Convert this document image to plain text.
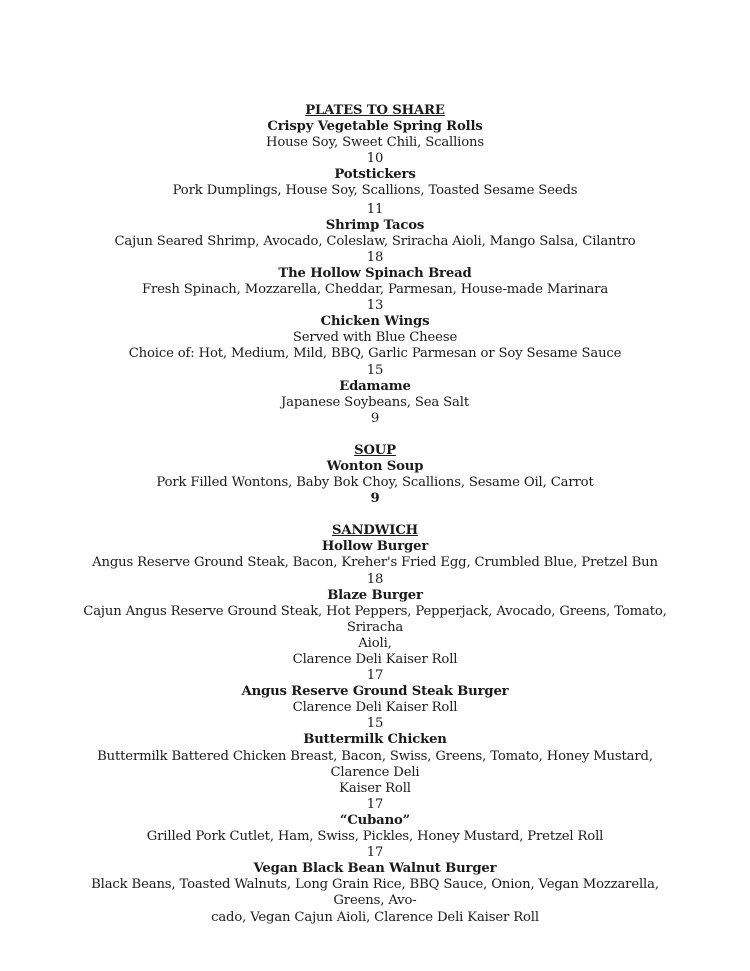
PLATES TO SHARE
Crispy Vegetable Spring Rolls
House Soy, Sweet Chili, Scallions
10
Potstickers
Pork Dumplings, House Soy, Scallions, Toasted Sesame Seeds
11
Shrimp Tacos
Cajun Seared Shrimp, Avocado, Coleslaw, Sriracha Aioli, Mango Salsa, Cilantro
18
The Hollow Spinach Bread
Fresh Spinach, Mozzarella, Cheddar, Parmesan, House-made Marinara
13
Chicken Wings
Served with Blue Cheese
Choice of: Hot, Medium, Mild, BBQ, Garlic Parmesan or Soy Sesame Sauce
15
Edamame
Japanese Soybeans, Sea Salt
9
SOUP
Wonton Soup
Pork Filled Wontons, Baby Bok Choy, Scallions, Sesame Oil, Carrot
9
SANDWICH
Hollow Burger
Angus Reserve Ground Steak, Bacon, Kreher's Fried Egg, Crumbled Blue, Pretzel Bun
18
Blaze Burger
Cajun Angus Reserve Ground Steak, Hot Peppers, Pepperjack, Avocado, Greens, Tomato, Sriracha
Aioli,
Clarence Deli Kaiser Roll
17
Angus Reserve Ground Steak Burger
Clarence Deli Kaiser Roll
15
Buttermilk Chicken
Buttermilk Battered Chicken Breast, Bacon, Swiss, Greens, Tomato, Honey Mustard, Clarence Deli
Kaiser Roll
17
“Cubano”
Grilled Pork Cutlet, Ham, Swiss, Pickles, Honey Mustard, Pretzel Roll
17
Vegan Black Bean Walnut Burger
Black Beans, Toasted Walnuts, Long Grain Rice, BBQ Sauce, Onion, Vegan Mozzarella, Greens, Avo-
cado, Vegan Cajun Aioli, Clarence Deli Kaiser Roll
